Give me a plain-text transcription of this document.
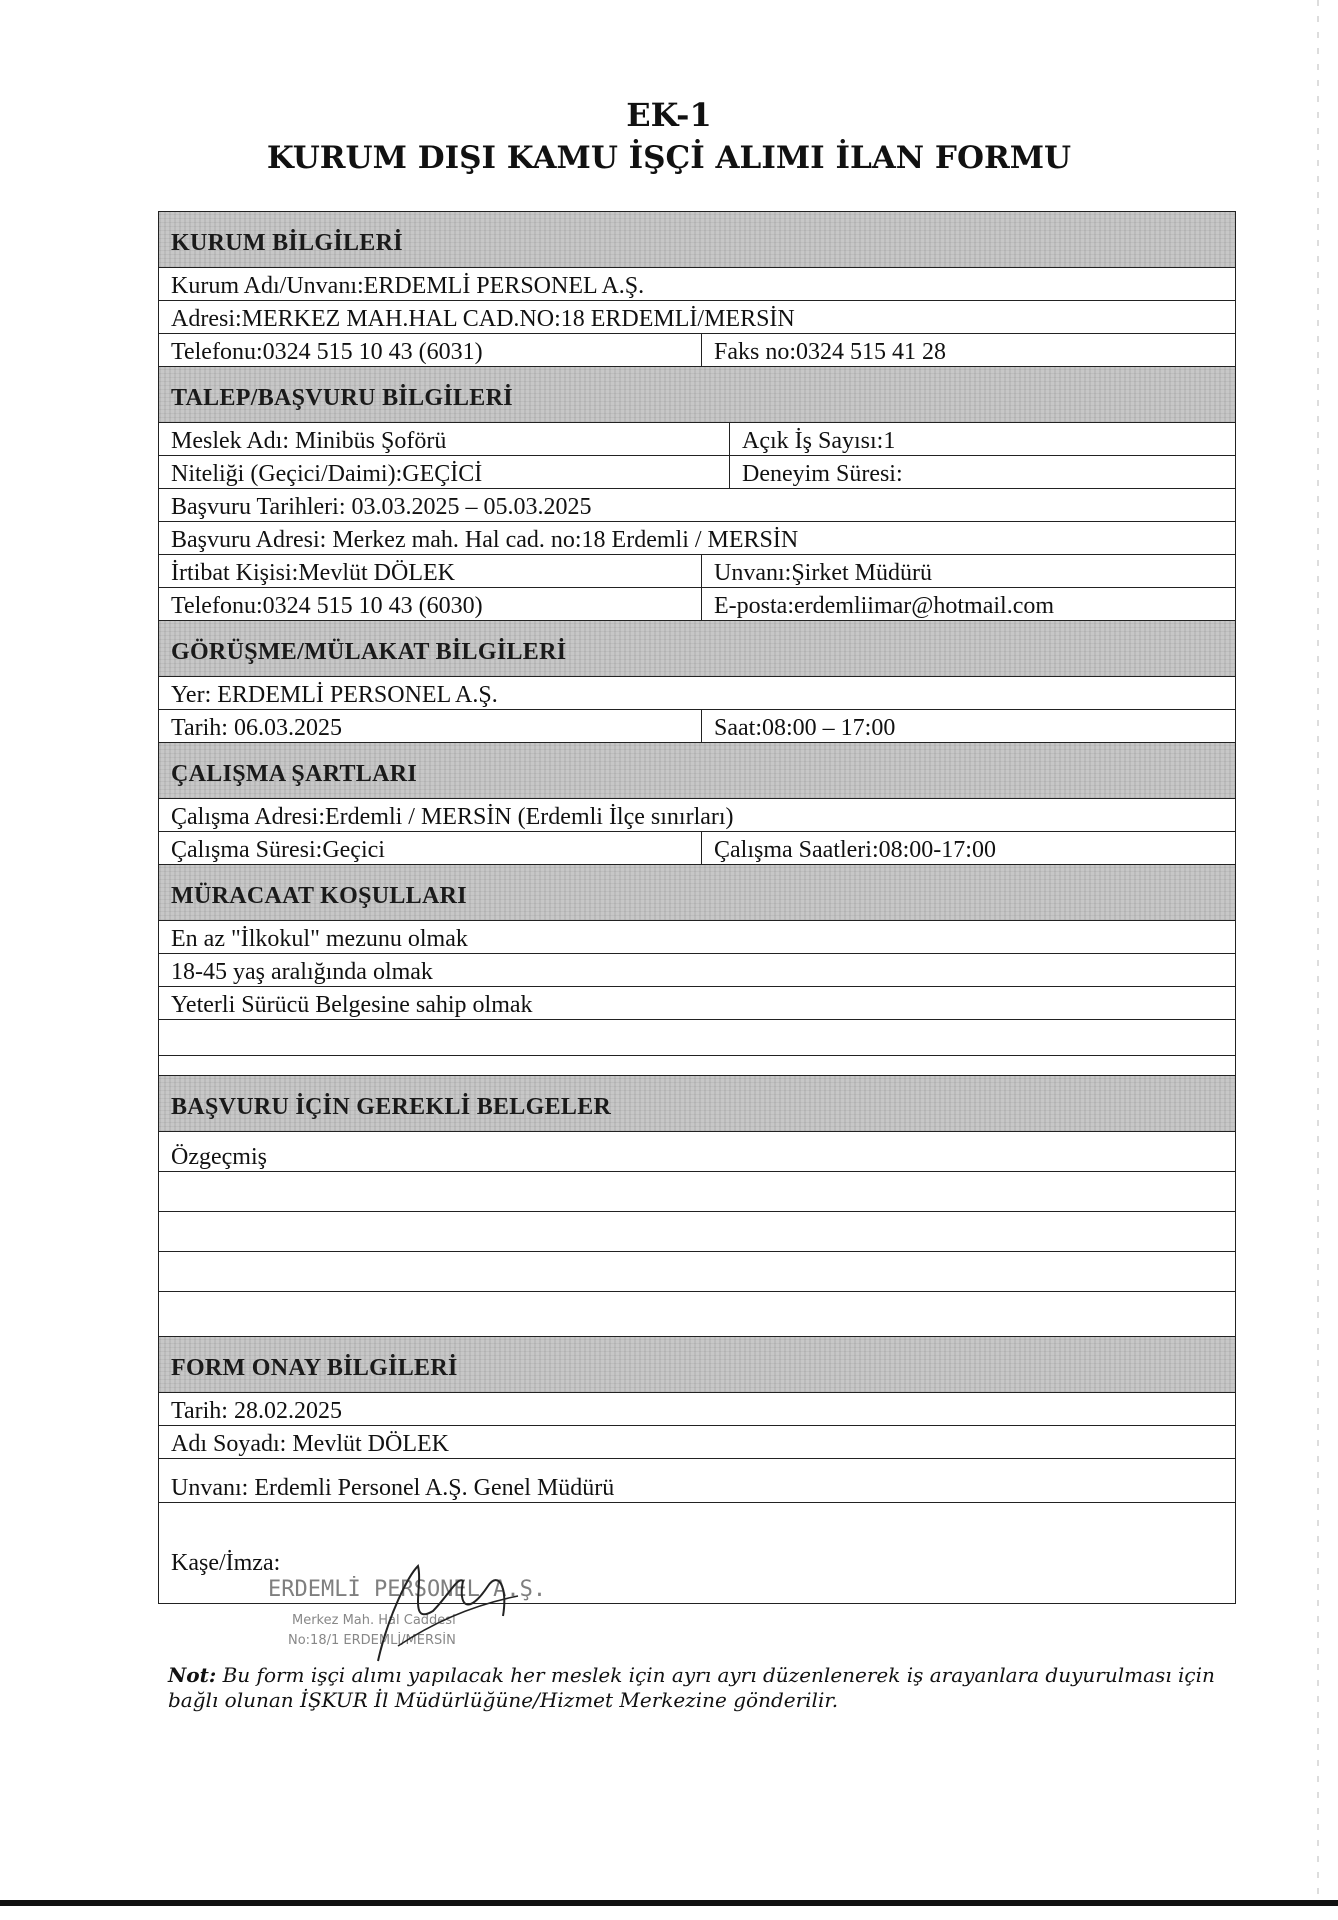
EK-1
KURUM DIŞI KAMU İŞÇİ ALIMI İLAN FORMU
KURUM BİLGİLERİ
Kurum Adı/Unvanı:ERDEMLİ PERSONEL A.Ş.
Adresi:MERKEZ MAH.HAL CAD.NO:18 ERDEMLİ/MERSİN
Telefonu:0324 515 10 43 (6031)	Faks no:0324 515 41 28
TALEP/BAŞVURU BİLGİLERİ
Meslek Adı: Minibüs Şoförü	Açık İş Sayısı:1
Niteliği (Geçici/Daimi):GEÇİCİ	Deneyim Süresi:
Başvuru Tarihleri: 03.03.2025 – 05.03.2025
Başvuru Adresi: Merkez mah. Hal cad. no:18 Erdemli / MERSİN
İrtibat Kişisi:Mevlüt DÖLEK	Unvanı:Şirket Müdürü
Telefonu:0324 515 10 43 (6030)	E-posta:erdemliimar@hotmail.com
GÖRÜŞME/MÜLAKAT BİLGİLERİ
Yer: ERDEMLİ PERSONEL A.Ş.
Tarih: 06.03.2025	Saat:08:00 – 17:00
ÇALIŞMA ŞARTLARI
Çalışma Adresi:Erdemli / MERSİN (Erdemli İlçe sınırları)
Çalışma Süresi:Geçici	Çalışma Saatleri:08:00-17:00
MÜRACAAT KOŞULLARI
En az "İlkokul" mezunu olmak
18-45 yaş aralığında olmak
Yeterli Sürücü Belgesine sahip olmak
BAŞVURU İÇİN GEREKLİ BELGELER
Özgeçmiş
FORM ONAY BİLGİLERİ
Tarih: 28.02.2025
Adı Soyadı: Mevlüt DÖLEK
Unvanı: Erdemli Personel A.Ş. Genel Müdürü
Kaşe/İmza:
ERDEMLİ PERSONEL A.Ş.
Merkez Mah. Hal Caddesi
No:18/1 ERDEMLİ/MERSİN
Not: Bu form işçi alımı yapılacak her meslek için ayrı ayrı düzenlenerek iş arayanlara duyurulması için bağlı olunan İŞKUR İl Müdürlüğüne/Hizmet Merkezine gönderilir.
